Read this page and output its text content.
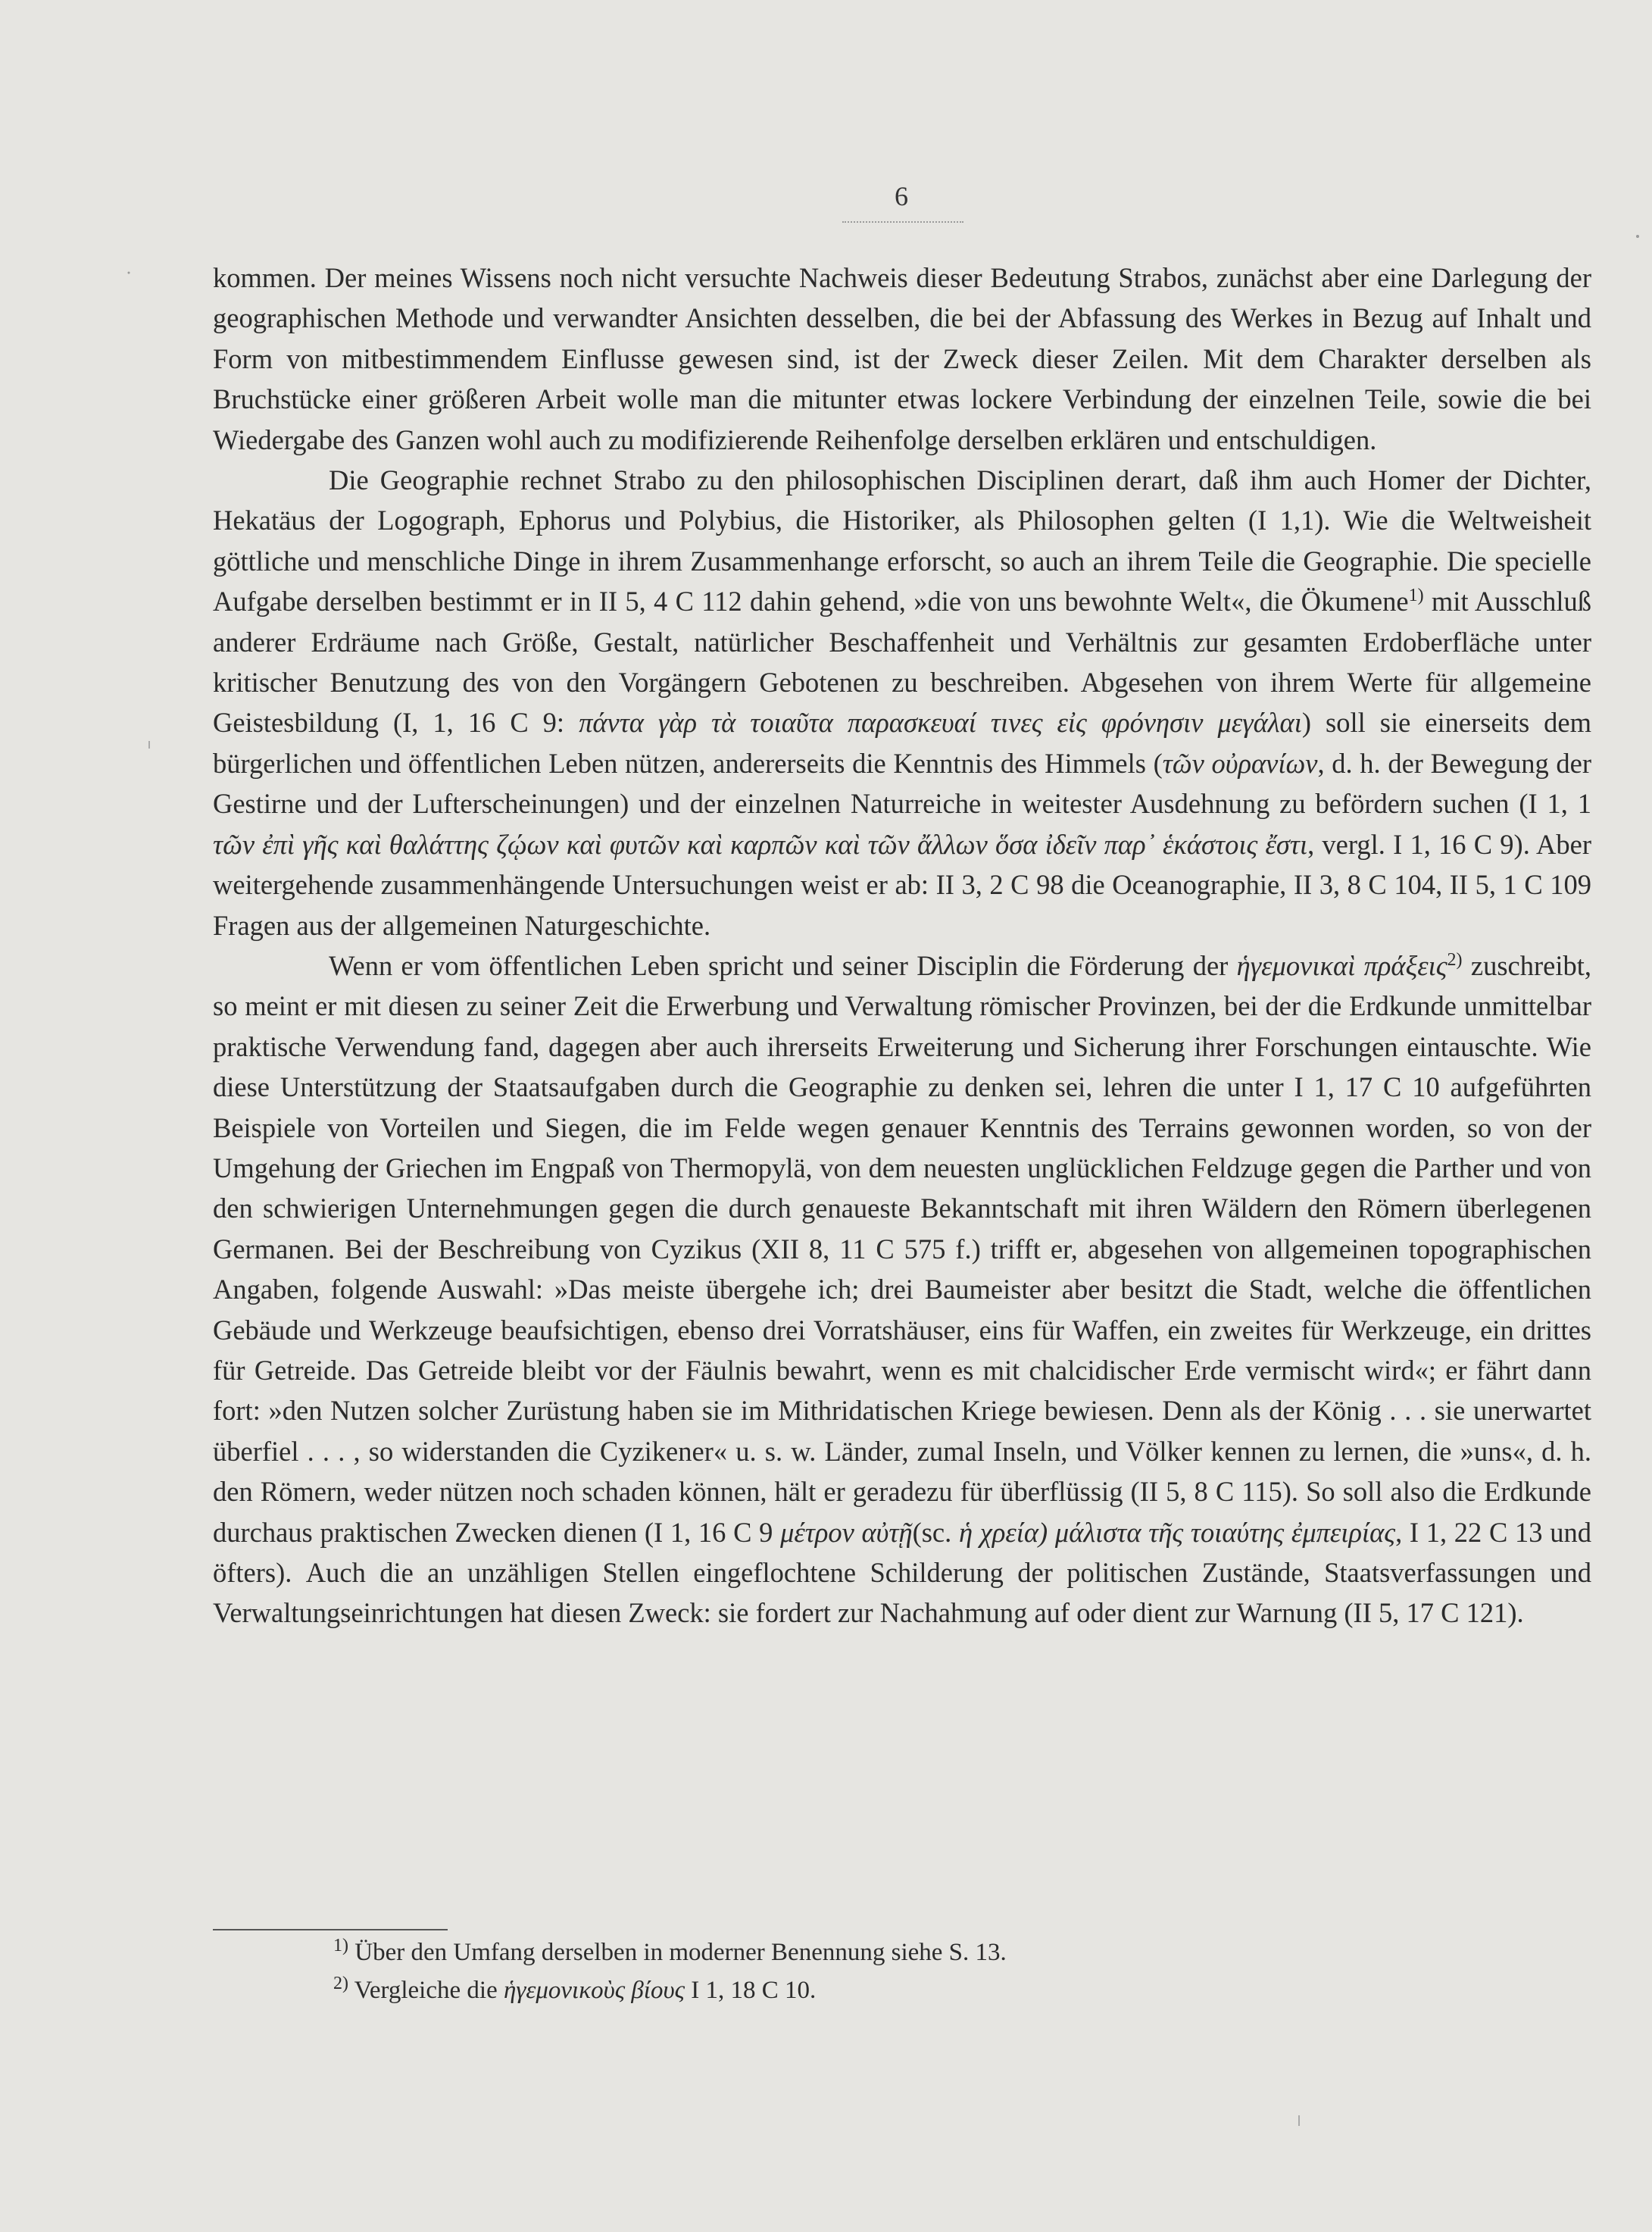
6

kommen. Der meines Wissens noch nicht versuchte Nachweis dieser Bedeutung Strabos, zunächst aber eine Darlegung der geographischen Methode und verwandter Ansichten desselben, die bei der Abfassung des Werkes in Bezug auf Inhalt und Form von mitbestimmendem Einflusse gewesen sind, ist der Zweck dieser Zeilen. Mit dem Charakter derselben als Bruchstücke einer größeren Arbeit wolle man die mitunter etwas lockere Verbindung der einzelnen Teile, sowie die bei Wiedergabe des Ganzen wohl auch zu modifizierende Reihenfolge derselben erklären und entschuldigen.

Die Geographie rechnet Strabo zu den philosophischen Disciplinen derart, daß ihm auch Homer der Dichter, Hekatäus der Logograph, Ephorus und Polybius, die Historiker, als Philosophen gelten (I 1,1). Wie die Weltweisheit göttliche und menschliche Dinge in ihrem Zusammenhange erforscht, so auch an ihrem Teile die Geographie. Die specielle Aufgabe derselben bestimmt er in II 5, 4 C 112 dahin gehend, »die von uns bewohnte Welt«, die Ökumene$^{1)}$ mit Ausschluß anderer Erdräume nach Größe, Gestalt, natürlicher Beschaffenheit und Verhältnis zur gesamten Erdoberfläche unter kritischer Benutzung des von den Vorgängern Gebotenen zu beschreiben. Abgesehen von ihrem Werte für allgemeine Geistesbildung (I, 1, 16 C 9: πάντα γὰρ τὰ τοιαῦτα παρασκευαί τινες εἰς φρόνησιν μεγάλαι) soll sie einerseits dem bürgerlichen und öffentlichen Leben nützen, andererseits die Kenntnis des Himmels (τῶν οὐρανίων, d. h. der Bewegung der Gestirne und der Lufterscheinungen) und der einzelnen Naturreiche in weitester Ausdehnung zu befördern suchen (I 1, 1 τῶν ἐπὶ γῆς καὶ θαλάττης ζῴων καὶ φυτῶν καὶ καρπῶν καὶ τῶν ἄλλων ὅσα ἰδεῖν παρ᾽ ἑκάστοις ἔστι, vergl. I 1, 16 C 9). Aber weitergehende zusammenhängende Untersuchungen weist er ab: II 3, 2 C 98 die Oceanographie, II 3, 8 C 104, II 5, 1 C 109 Fragen aus der allgemeinen Naturgeschichte.

Wenn er vom öffentlichen Leben spricht und seiner Disciplin die Förderung der ἡγεμονικαὶ πράξεις$^{2)}$ zuschreibt, so meint er mit diesen zu seiner Zeit die Erwerbung und Verwaltung römischer Provinzen, bei der die Erdkunde unmittelbar praktische Verwendung fand, dagegen aber auch ihrerseits Erweiterung und Sicherung ihrer Forschungen eintauschte. Wie diese Unterstützung der Staatsaufgaben durch die Geographie zu denken sei, lehren die unter I 1, 17 C 10 aufgeführten Beispiele von Vorteilen und Siegen, die im Felde wegen genauer Kenntnis des Terrains gewonnen worden, so von der Umgehung der Griechen im Engpaß von Thermopylä, von dem neuesten unglücklichen Feldzuge gegen die Parther und von den schwierigen Unternehmungen gegen die durch genaueste Bekanntschaft mit ihren Wäldern den Römern überlegenen Germanen. Bei der Beschreibung von Cyzikus (XII 8, 11 C 575 f.) trifft er, abgesehen von allgemeinen topographischen Angaben, folgende Auswahl: »Das meiste übergehe ich; drei Baumeister aber besitzt die Stadt, welche die öffentlichen Gebäude und Werkzeuge beaufsichtigen, ebenso drei Vorratshäuser, eins für Waffen, ein zweites für Werkzeuge, ein drittes für Getreide. Das Getreide bleibt vor der Fäulnis bewahrt, wenn es mit chalcidischer Erde vermischt wird«; er fährt dann fort: »den Nutzen solcher Zurüstung haben sie im Mithridatischen Kriege bewiesen. Denn als der König . . . sie unerwartet überfiel . . . , so widerstanden die Cyzikener« u. s. w. Länder, zumal Inseln, und Völker kennen zu lernen, die »uns«, d. h. den Römern, weder nützen noch schaden können, hält er geradezu für überflüssig (II 5, 8 C 115). So soll also die Erdkunde durchaus praktischen Zwecken dienen (I 1, 16 C 9 μέτρον αὐτῇ(sc. ἡ χρεία) μάλιστα τῆς τοιαύτης ἐμπειρίας, I 1, 22 C 13 und öfters). Auch die an unzähligen Stellen eingeflochtene Schilderung der politischen Zustände, Staatsverfassungen und Verwaltungseinrichtungen hat diesen Zweck: sie fordert zur Nachahmung auf oder dient zur Warnung (II 5, 17 C 121).

$^{1)}$ Über den Umfang derselben in moderner Benennung siehe S. 13.
$^{2)}$ Vergleiche die ἡγεμονικοὺς βίους I 1, 18 C 10.
